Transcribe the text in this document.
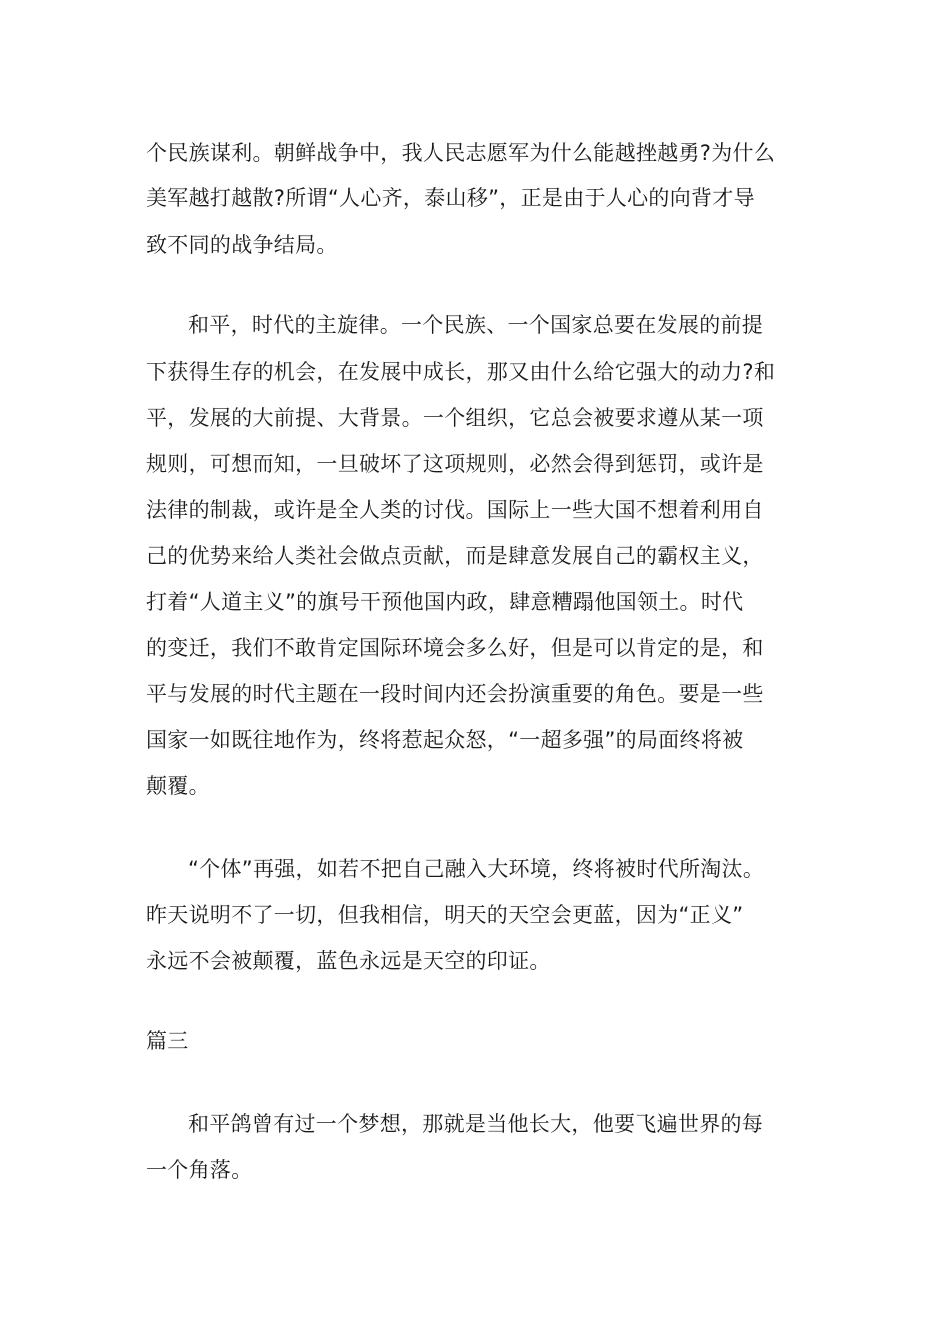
个民族谋利。朝鲜战争中，我人民志愿军为什么能越挫越勇?为什么
美军越打越散?所谓“人心齐，泰山移”，正是由于人心的向背才导
致不同的战争结局。
和平，时代的主旋律。一个民族、一个国家总要在发展的前提
下获得生存的机会，在发展中成长，那又由什么给它强大的动力?和
平，发展的大前提、大背景。一个组织，它总会被要求遵从某一项
规则，可想而知，一旦破坏了这项规则，必然会得到惩罚，或许是
法律的制裁，或许是全人类的讨伐。国际上一些大国不想着利用自
己的优势来给人类社会做点贡献，而是肆意发展自己的霸权主义，
打着“人道主义”的旗号干预他国内政，肆意糟蹋他国领土。时代
的变迁，我们不敢肯定国际环境会多么好，但是可以肯定的是，和
平与发展的时代主题在一段时间内还会扮演重要的角色。要是一些
国家一如既往地作为，终将惹起众怒，“一超多强”的局面终将被
颠覆。
“个体”再强，如若不把自己融入大环境，终将被时代所淘汰。
昨天说明不了一切，但我相信，明天的天空会更蓝，因为“正义”
永远不会被颠覆，蓝色永远是天空的印证。
篇三
和平鸽曾有过一个梦想，那就是当他长大，他要飞遍世界的每
一个角落。
